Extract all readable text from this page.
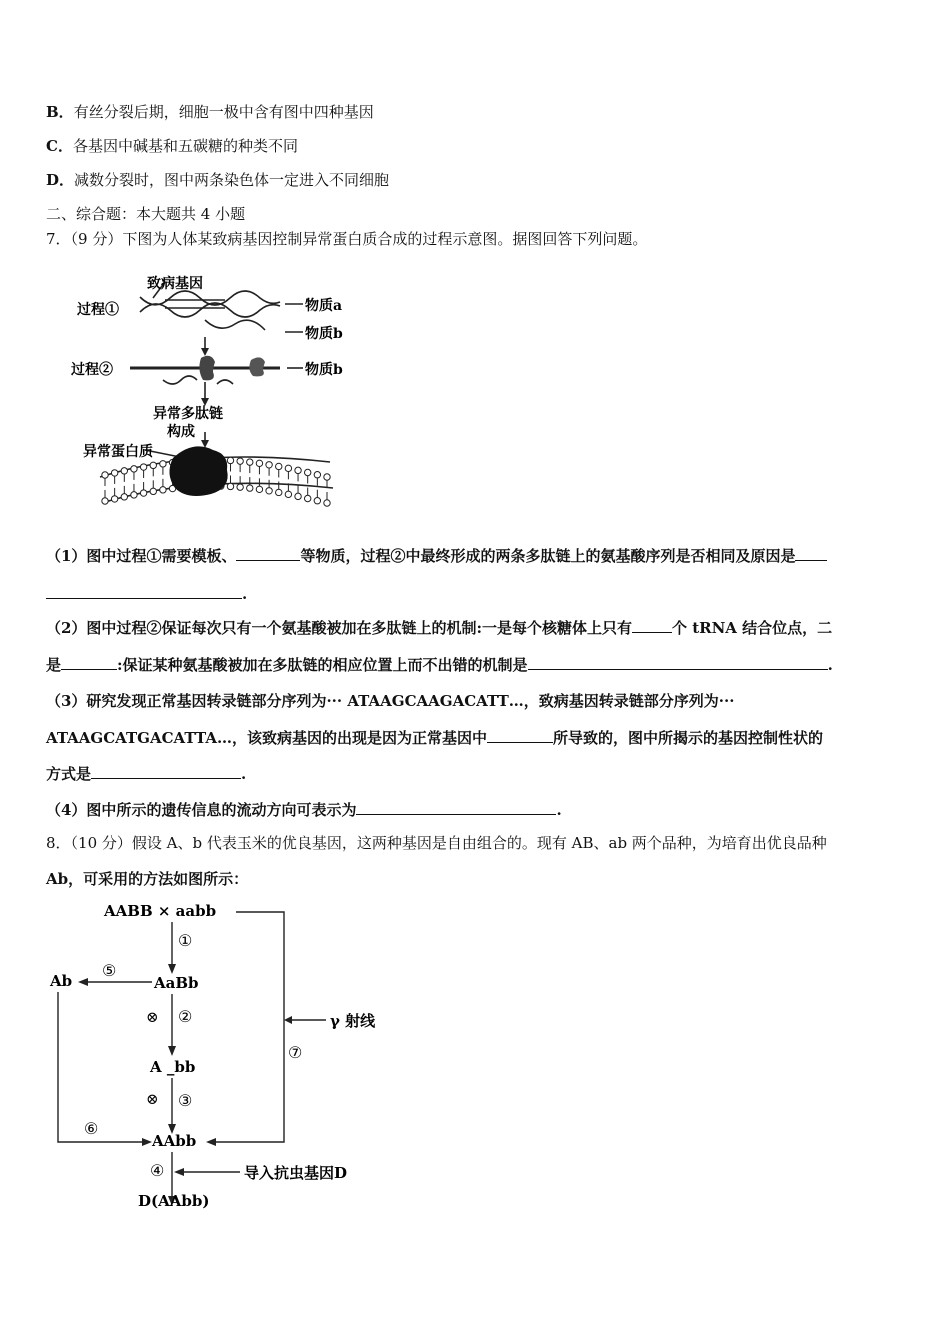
B．有丝分裂后期，细胞一极中含有图中四种基因
C．各基因中碱基和五碳糖的种类不同
D．减数分裂时，图中两条染色体一定进入不同细胞
二、综合题：本大题共 4 小题
7．（9 分）下图为人体某致病基因控制异常蛋白质合成的过程示意图。据图回答下列问题。
致病基因
过程①	物质a
物质b
过程②	物质b
异常多肽链
构成
异常蛋白质
（1）图中过程①需要模板、	等物质，过程②中最终形成的两条多肽链上的氨基酸序列是否相同及原因是
.
（2）图中过程②保证每次只有一个氨基酸被加在多肽链上的机制:一是每个核糖体上只有	个 tRNA 结合位点，二
是	:保证某种氨基酸被加在多肽链的相应位置上而不出错的机制是	.
（3）研究发现正常基因转录链部分序列为··· ATAAGCAAGACATT…，致病基因转录链部分序列为···
ATAAGCATGACATTA…，该致病基因的出现是因为正常基因中	所导致的，图中所揭示的基因控制性状的
方式是	.
（4）图中所示的遗传信息的流动方向可表示为	.
8．（10 分）假设 A、b 代表玉米的优良基因，这两种基因是自由组合的。现有 AB、ab 两个品种，为培育出优良品种
Ab，可采用的方法如图所示：
AABB × aabb
①
AaBb
Ab
⑤
⊗ ②	γ 射线
⑦
A _bb
⊗ ③
⑥
AAbb
④	导入抗虫基因D
D(AAbb)
